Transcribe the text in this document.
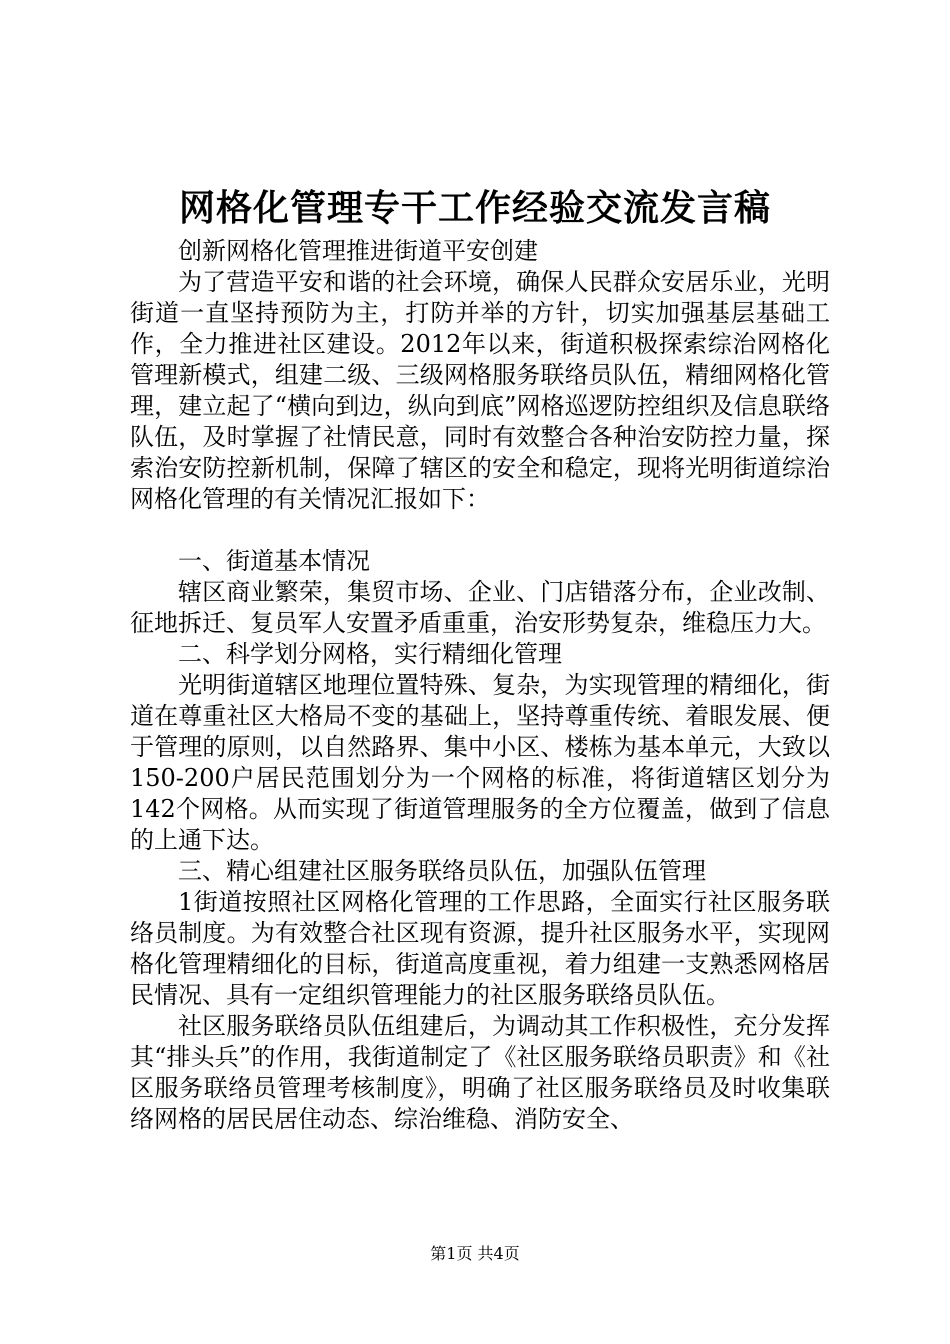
网格化管理专干工作经验交流发言稿

创新网格化管理推进街道平安创建

为了营造平安和谐的社会环境，确保人民群众安居乐业，光明街道一直坚持预防为主，打防并举的方针，切实加强基层基础工作，全力推进社区建设。2012年以来，街道积极探索综治网格化管理新模式，组建二级、三级网格服务联络员队伍，精细网格化管理，建立起了“横向到边，纵向到底”网格巡逻防控组织及信息联络队伍，及时掌握了社情民意，同时有效整合各种治安防控力量，探索治安防控新机制，保障了辖区的安全和稳定，现将光明街道综治网格化管理的有关情况汇报如下：

一、街道基本情况

辖区商业繁荣，集贸市场、企业、门店错落分布，企业改制、征地拆迁、复员军人安置矛盾重重，治安形势复杂，维稳压力大。

二、科学划分网格，实行精细化管理

光明街道辖区地理位置特殊、复杂，为实现管理的精细化，街道在尊重社区大格局不变的基础上，坚持尊重传统、着眼发展、便于管理的原则，以自然路界、集中小区、楼栋为基本单元，大致以150-200户居民范围划分为一个网格的标准，将街道辖区划分为142个网格。从而实现了街道管理服务的全方位覆盖，做到了信息的上通下达。

三、精心组建社区服务联络员队伍，加强队伍管理

1街道按照社区网格化管理的工作思路，全面实行社区服务联络员制度。为有效整合社区现有资源，提升社区服务水平，实现网格化管理精细化的目标，街道高度重视，着力组建一支熟悉网格居民情况、具有一定组织管理能力的社区服务联络员队伍。

社区服务联络员队伍组建后，为调动其工作积极性，充分发挥其“排头兵”的作用，我街道制定了《社区服务联络员职责》和《社区服务联络员管理考核制度》，明确了社区服务联络员及时收集联络网格的居民居住动态、综治维稳、消防安全、

第1页 共4页
